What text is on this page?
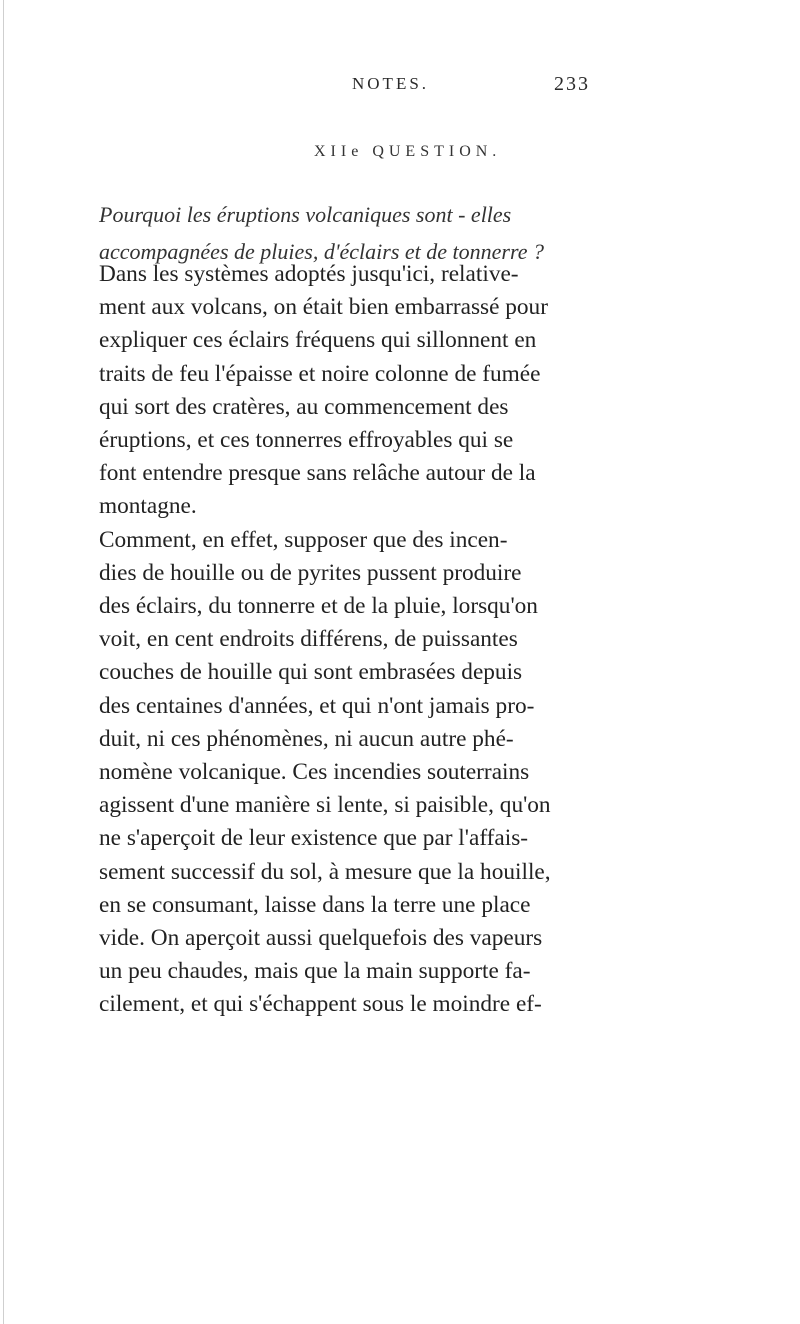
NOTES.	233
XIIe QUESTION.
Pourquoi les éruptions volcaniques sont - elles
accompagnées de pluies, d'éclairs et de tonnerre ?
Dans les systèmes adoptés jusqu'ici, relative-
ment aux volcans, on était bien embarrassé pour
expliquer ces éclairs fréquens qui sillonnent en
traits de feu l'épaisse et noire colonne de fumée
qui sort des cratères, au commencement des
éruptions, et ces tonnerres effroyables qui se
font entendre presque sans relâche autour de la
montagne.
Comment, en effet, supposer que des incen-
dies de houille ou de pyrites pussent produire
des éclairs, du tonnerre et de la pluie, lorsqu'on
voit, en cent endroits différens, de puissantes
couches de houille qui sont embrasées depuis
des centaines d'années, et qui n'ont jamais pro-
duit, ni ces phénomènes, ni aucun autre phé-
nomène volcanique. Ces incendies souterrains
agissent d'une manière si lente, si paisible, qu'on
ne s'aperçoit de leur existence que par l'affais-
sement successif du sol, à mesure que la houille,
en se consumant, laisse dans la terre une place
vide. On aperçoit aussi quelquefois des vapeurs
un peu chaudes, mais que la main supporte fa-
cilement, et qui s'échappent sous le moindre ef-
